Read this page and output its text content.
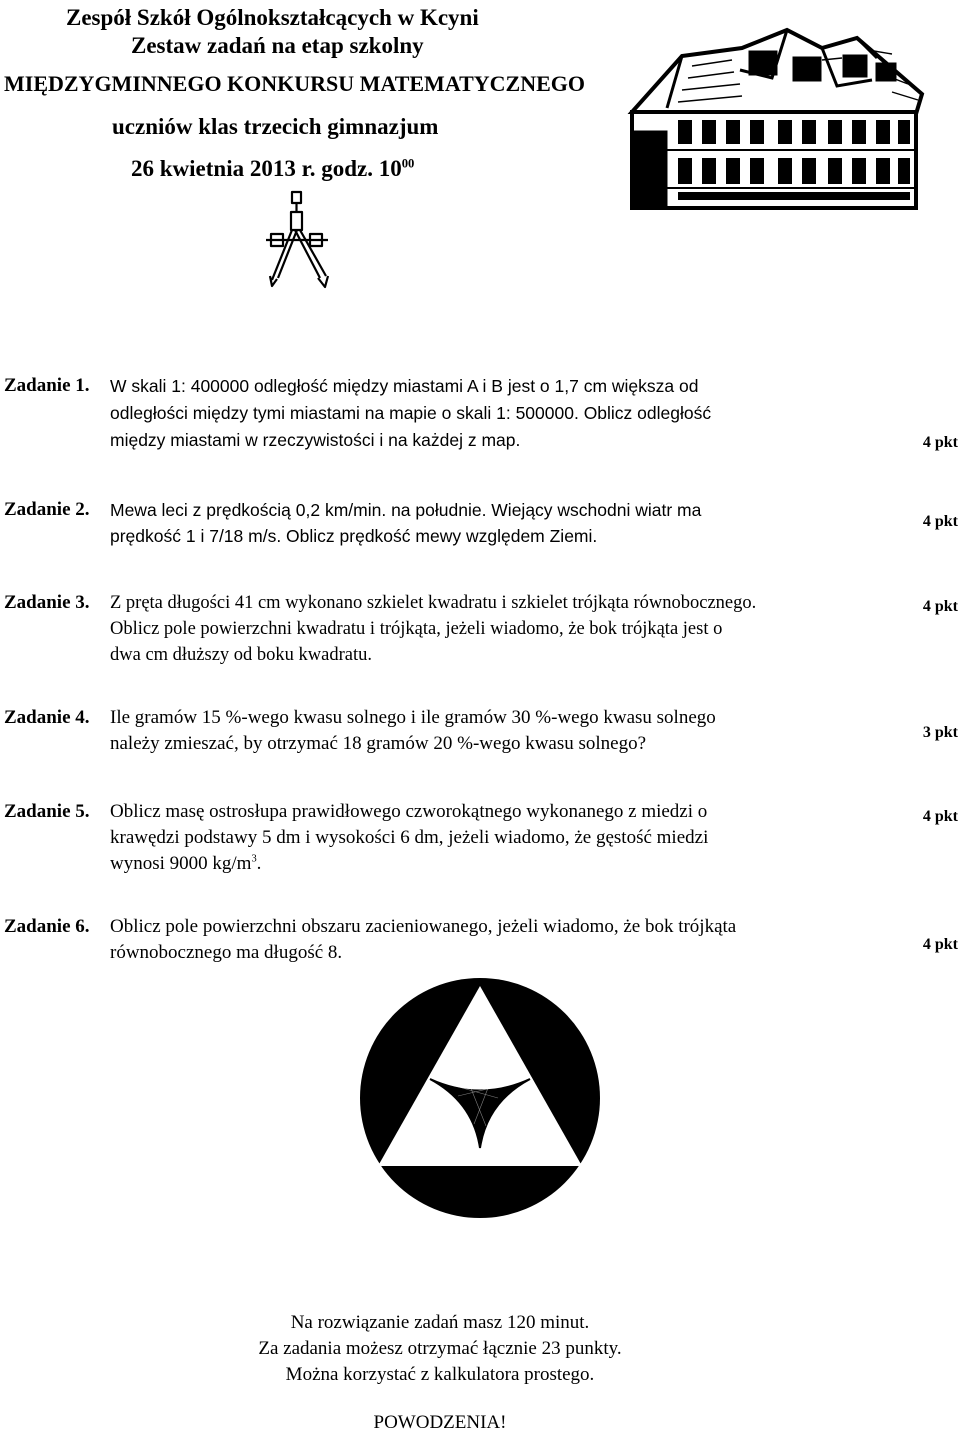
Zespół Szkół Ogólnokształcących w Kcyni
Zestaw zadań na etap szkolny
MIĘDZYGMINNEGO KONKURSU MATEMATYCZNEGO
uczniów klas trzecich gimnazjum
26 kwietnia 2013 r. godz. $10^{00}$
Zadanie 1. W skali 1: 400000 odległość między miastami A i B jest o 1,7 cm większa od
odległości między tymi miastami na mapie o skali 1: 500000. Oblicz odległość
między miastami w rzeczywistości i na każdej z map.	4 pkt
Zadanie 2. Mewa leci z prędkością 0,2 km/min. na południe. Wiejący wschodni wiatr ma
prędkość 1 i 7/18 m/s. Oblicz prędkość mewy względem Ziemi.
4 pkt
Zadanie 3. Z pręta długości 41 cm wykonano szkielet kwadratu i szkielet trójkąta równobocznego.
Oblicz pole powierzchni kwadratu i trójkąta, jeżeli wiadomo, że bok trójkąta jest o
dwa cm dłuższy od boku kwadratu.
4 pkt
Zadanie 4. Ile gramów 15 %-wego kwasu solnego i ile gramów 30 %-wego kwasu solnego
należy zmieszać, by otrzymać 18 gramów 20 %-wego kwasu solnego?
3 pkt
Zadanie 5. Oblicz masę ostrosłupa prawidłowego czworokątnego wykonanego z miedzi o
krawędzi podstawy 5 dm i wysokości 6 dm, jeżeli wiadomo, że gęstość miedzi
wynosi 9000 $kg/m^3$.
4 pkt
Zadanie 6. Oblicz pole powierzchni obszaru zacieniowanego, jeżeli wiadomo, że bok trójkąta
równobocznego ma długość 8.	4 pkt
Na rozwiązanie zadań masz 120 minut.
Za zadania możesz otrzymać łącznie 23 punkty.
Można korzystać z kalkulatora prostego.
POWODZENIA!
